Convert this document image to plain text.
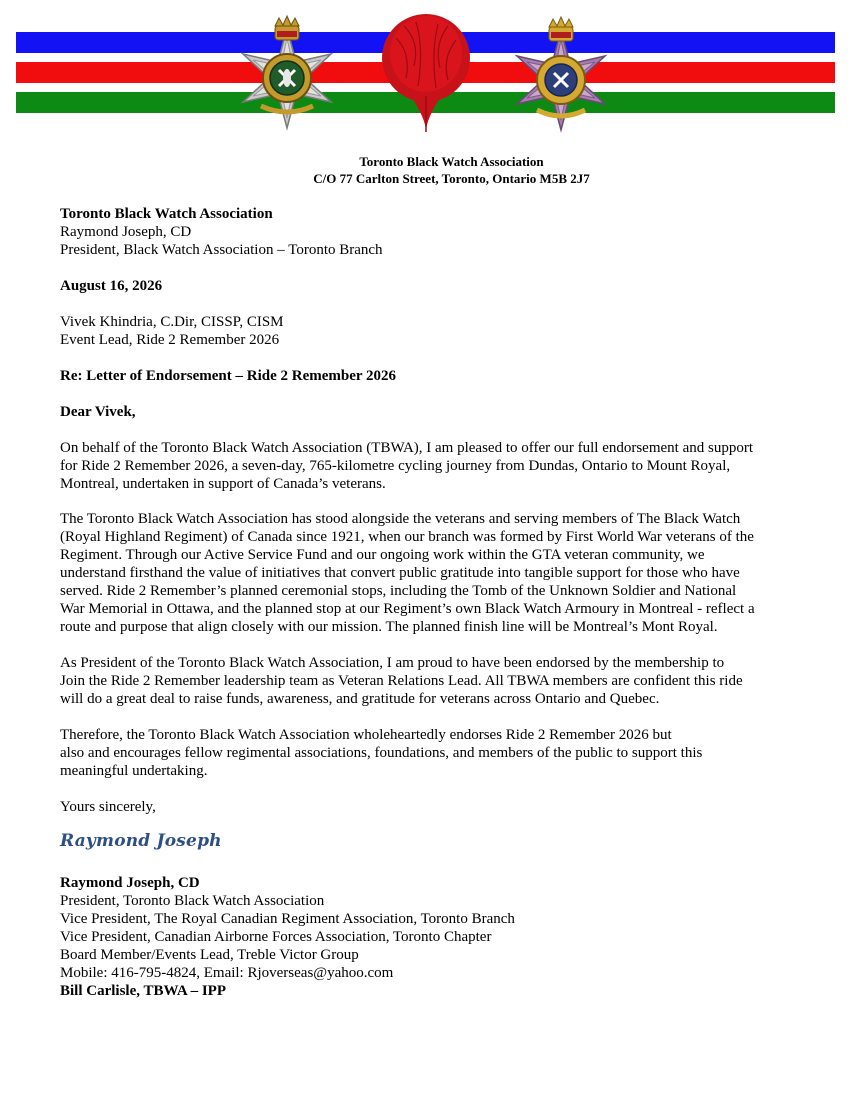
Toronto Black Watch Association
C/O 77 Carlton Street, Toronto, Ontario M5B 2J7
Toronto Black Watch Association
Raymond Joseph, CD
President, Black Watch Association – Toronto Branch
August 16, 2026
Vivek Khindria, C.Dir, CISSP, CISM
Event Lead, Ride 2 Remember 2026
Re: Letter of Endorsement – Ride 2 Remember 2026
Dear Vivek,
On behalf of the Toronto Black Watch Association (TBWA), I am pleased to offer our full endorsement and support
for Ride 2 Remember 2026, a seven-day, 765-kilometre cycling journey from Dundas, Ontario to Mount Royal,
Montreal, undertaken in support of Canada’s veterans.
The Toronto Black Watch Association has stood alongside the veterans and serving members of The Black Watch
(Royal Highland Regiment) of Canada since 1921, when our branch was formed by First World War veterans of the
Regiment. Through our Active Service Fund and our ongoing work within the GTA veteran community, we
understand firsthand the value of initiatives that convert public gratitude into tangible support for those who have
served. Ride 2 Remember’s planned ceremonial stops, including the Tomb of the Unknown Soldier and National
War Memorial in Ottawa, and the planned stop at our Regiment’s own Black Watch Armoury in Montreal - reflect a
route and purpose that align closely with our mission. The planned finish line will be Montreal’s Mont Royal.
As President of the Toronto Black Watch Association, I am proud to have been endorsed by the membership to
Join the Ride 2 Remember leadership team as Veteran Relations Lead. All TBWA members are confident this ride
will do a great deal to raise funds, awareness, and gratitude for veterans across Ontario and Quebec.
Therefore, the Toronto Black Watch Association wholeheartedly endorses Ride 2 Remember 2026 but
also and encourages fellow regimental associations, foundations, and members of the public to support this
meaningful undertaking.
Yours sincerely,
Raymond Joseph
Raymond Joseph, CD
President, Toronto Black Watch Association
Vice President, The Royal Canadian Regiment Association, Toronto Branch
Vice President, Canadian Airborne Forces Association, Toronto Chapter
Board Member/Events Lead, Treble Victor Group
Mobile: 416-795-4824, Email: Rjoverseas@yahoo.com
Bill Carlisle, TBWA – IPP
